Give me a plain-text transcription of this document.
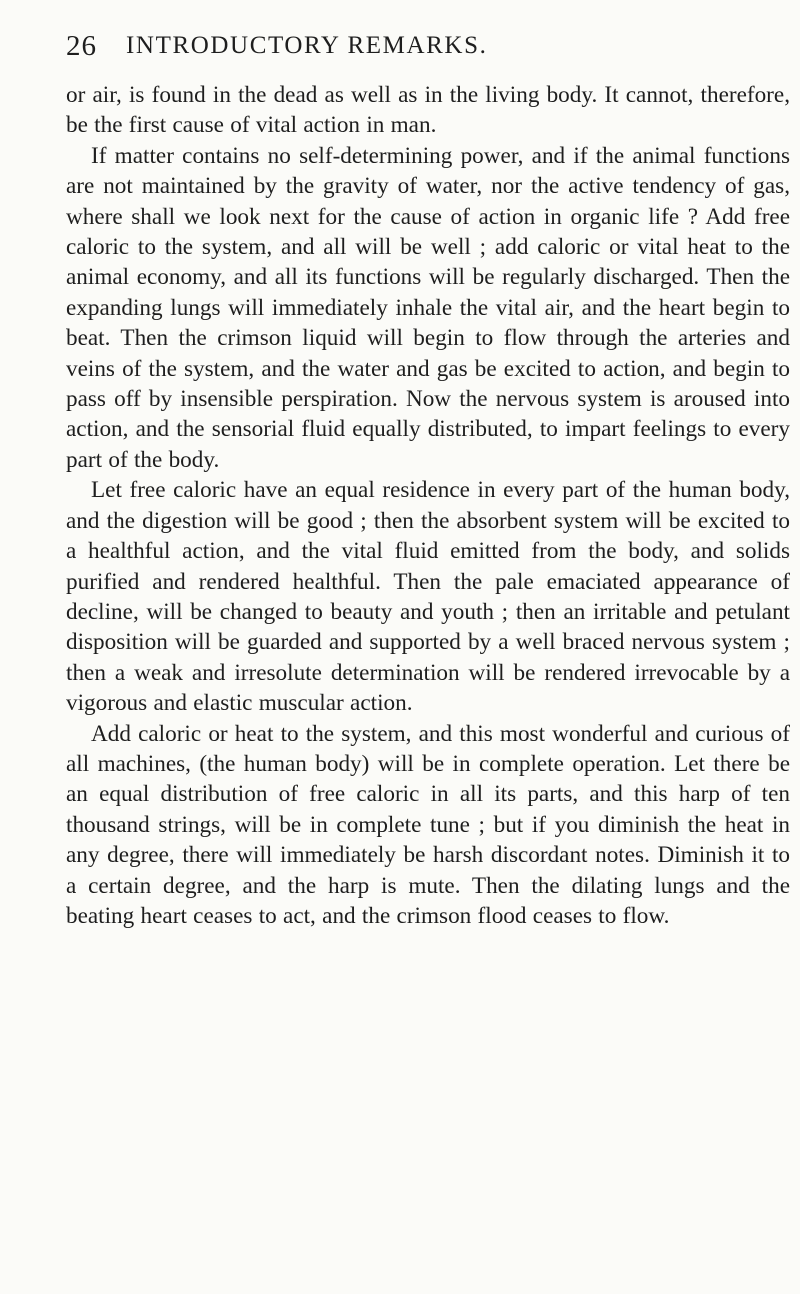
26 INTRODUCTORY REMARKS.

or air, is found in the dead as well as in the living body. It cannot, therefore, be the first cause of vital action in man.

If matter contains no self-determining power, and if the animal functions are not maintained by the gravity of water, nor the active tendency of gas, where shall we look next for the cause of action in organic life ? Add free caloric to the system, and all will be well ; add caloric or vital heat to the animal economy, and all its functions will be regularly discharged. Then the expanding lungs will immediately inhale the vital air, and the heart begin to beat. Then the crimson liquid will begin to flow through the arteries and veins of the system, and the water and gas be excited to action, and begin to pass off by insensible perspiration. Now the nervous system is aroused into action, and the sensorial fluid equally distributed, to impart feelings to every part of the body.

Let free caloric have an equal residence in every part of the human body, and the digestion will be good ; then the absorbent system will be excited to a healthful action, and the vital fluid emitted from the body, and solids purified and rendered healthful. Then the pale emaciated appearance of decline, will be changed to beauty and youth ; then an irritable and petulant disposition will be guarded and supported by a well braced nervous system ; then a weak and irresolute determination will be rendered irrevocable by a vigorous and elastic muscular action.

Add caloric or heat to the system, and this most wonderful and curious of all machines, (the human body) will be in complete operation. Let there be an equal distribution of free caloric in all its parts, and this harp of ten thousand strings, will be in complete tune ; but if you diminish the heat in any degree, there will immediately be harsh discordant notes. Diminish it to a certain degree, and the harp is mute. Then the dilating lungs and the beating heart ceases to act, and the crimson flood ceases to flow.
